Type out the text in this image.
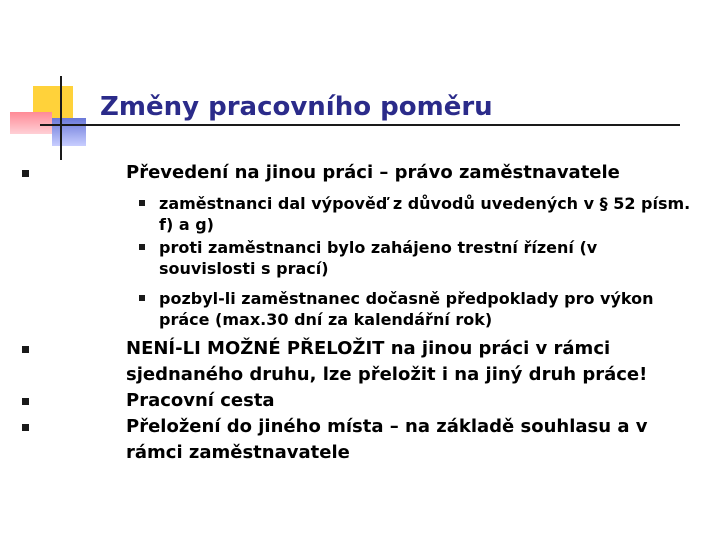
Změny pracovního poměru
Převedení na jinou práci – právo zaměstnavatele
zaměstnanci dal výpověď z důvodů uvedených v § 52 písm. f) a g)
proti zaměstnanci bylo zahájeno trestní řízení (v souvislosti s prací)
pozbyl-li zaměstnanec dočasně předpoklady pro výkon práce (max.30 dní za kalendářní rok)
NENÍ-LI MOŽNÉ PŘELOŽIT na jinou práci v rámci sjednaného druhu, lze přeložit i na jiný druh práce!
Pracovní cesta
Přeložení do jiného místa – na základě souhlasu a v rámci zaměstnavatele
